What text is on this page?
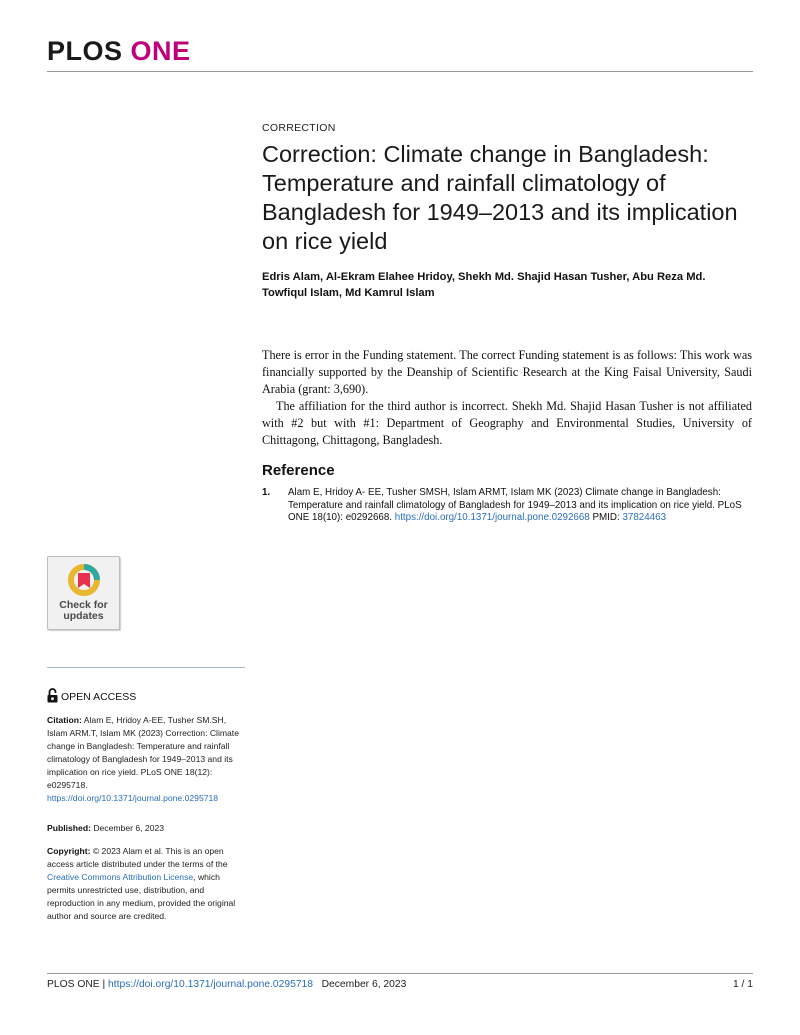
PLOS ONE
CORRECTION
Correction: Climate change in Bangladesh: Temperature and rainfall climatology of Bangladesh for 1949–2013 and its implication on rice yield
Edris Alam, Al-Ekram Elahee Hridoy, Shekh Md. Shajid Hasan Tusher, Abu Reza Md. Towfiqul Islam, Md Kamrul Islam

There is error in the Funding statement. The correct Funding statement is as follows: This work was financially supported by the Deanship of Scientific Research at the King Faisal University, Saudi Arabia (grant: 3,690).

The affiliation for the third author is incorrect. Shekh Md. Shajid Hasan Tusher is not affiliated with #2 but with #1: Department of Geography and Environmental Studies, University of Chittagong, Chittagong, Bangladesh.

Reference
1. Alam E, Hridoy A- EE, Tusher SMSH, Islam ARMT, Islam MK (2023) Climate change in Bangladesh: Temperature and rainfall climatology of Bangladesh for 1949–2013 and its implication on rice yield. PLoS ONE 18(10): e0292668. https://doi.org/10.1371/journal.pone.0292668 PMID: 37824463
Check for
updates
OPEN ACCESS
Citation: Alam E, Hridoy A-EE, Tusher SM.SH, Islam ARM.T, Islam MK (2023) Correction: Climate change in Bangladesh: Temperature and rainfall climatology of Bangladesh for 1949–2013 and its implication on rice yield. PLoS ONE 18(12): e0295718. https://doi.org/10.1371/journal.pone.0295718
Published: December 6, 2023
Copyright: © 2023 Alam et al. This is an open access article distributed under the terms of the Creative Commons Attribution License, which permits unrestricted use, distribution, and reproduction in any medium, provided the original author and source are credited.
PLOS ONE | https://doi.org/10.1371/journal.pone.0295718 December 6, 2023	1 / 1
